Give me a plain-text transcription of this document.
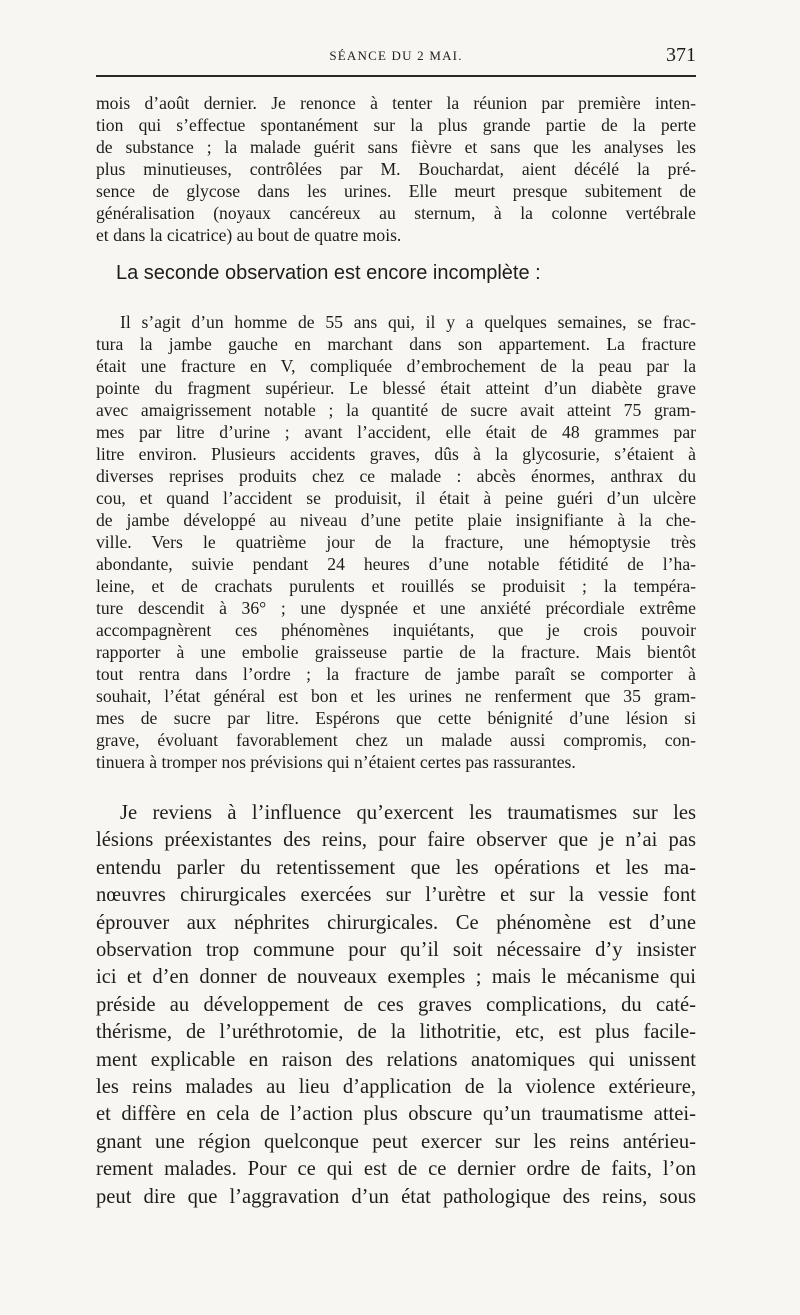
SÉANCE DU 2 MAI.	371
mois d’août dernier. Je renonce à tenter la réunion par première inten-
tion qui s’effectue spontanément sur la plus grande partie de la perte
de substance ; la malade guérit sans fièvre et sans que les analyses les
plus minutieuses, contrôlées par M. Bouchardat, aient décélé la pré-
sence de glycose dans les urines. Elle meurt presque subitement de
généralisation (noyaux cancéreux au sternum, à la colonne vertébrale
et dans la cicatrice) au bout de quatre mois.
La seconde observation est encore incomplète :
Il s’agit d’un homme de 55 ans qui, il y a quelques semaines, se frac-
tura la jambe gauche en marchant dans son appartement. La fracture
était une fracture en V, compliquée d’embrochement de la peau par la
pointe du fragment supérieur. Le blessé était atteint d’un diabète grave
avec amaigrissement notable ; la quantité de sucre avait atteint 75 gram-
mes par litre d’urine ; avant l’accident, elle était de 48 grammes par
litre environ. Plusieurs accidents graves, dûs à la glycosurie, s’étaient à
diverses reprises produits chez ce malade : abcès énormes, anthrax du
cou, et quand l’accident se produisit, il était à peine guéri d’un ulcère
de jambe développé au niveau d’une petite plaie insignifiante à la che-
ville. Vers le quatrième jour de la fracture, une hémoptysie très
abondante, suivie pendant 24 heures d’une notable fétidité de l’ha-
leine, et de crachats purulents et rouillés se produisit ; la tempéra-
ture descendit à 36° ; une dyspnée et une anxiété précordiale extrême
accompagnèrent ces phénomènes inquiétants, que je crois pouvoir
rapporter à une embolie graisseuse partie de la fracture. Mais bientôt
tout rentra dans l’ordre ; la fracture de jambe paraît se comporter à
souhait, l’état général est bon et les urines ne renferment que 35 gram-
mes de sucre par litre. Espérons que cette bénignité d’une lésion si
grave, évoluant favorablement chez un malade aussi compromis, con-
tinuera à tromper nos prévisions qui n’étaient certes pas rassurantes.
Je reviens à l’influence qu’exercent les traumatismes sur les
lésions préexistantes des reins, pour faire observer que je n’ai pas
entendu parler du retentissement que les opérations et les ma-
nœuvres chirurgicales exercées sur l’urètre et sur la vessie font
éprouver aux néphrites chirurgicales. Ce phénomène est d’une
observation trop commune pour qu’il soit nécessaire d’y insister
ici et d’en donner de nouveaux exemples ; mais le mécanisme qui
préside au développement de ces graves complications, du caté-
thérisme, de l’uréthrotomie, de la lithotritie, etc, est plus facile-
ment explicable en raison des relations anatomiques qui unissent
les reins malades au lieu d’application de la violence extérieure,
et diffère en cela de l’action plus obscure qu’un traumatisme attei-
gnant une région quelconque peut exercer sur les reins antérieu-
rement malades. Pour ce qui est de ce dernier ordre de faits, l’on
peut dire que l’aggravation d’un état pathologique des reins, sous
